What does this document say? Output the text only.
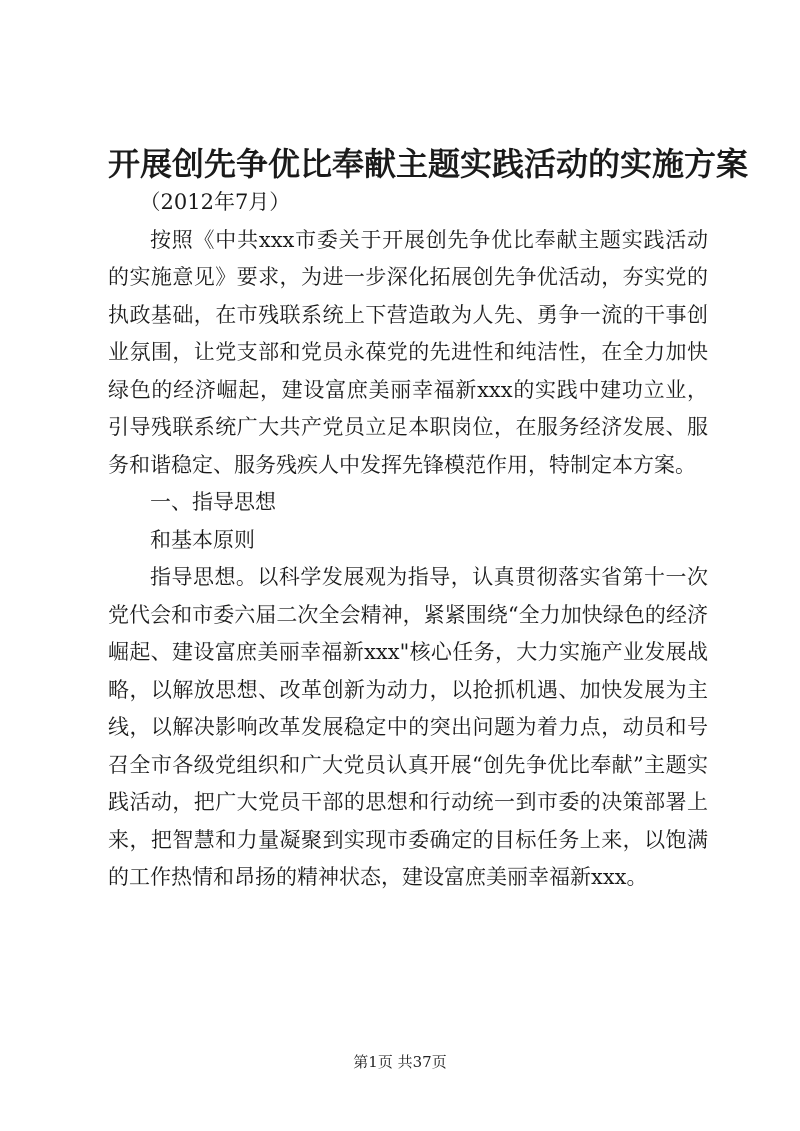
开展创先争优比奉献主题实践活动的实施方案

（2012年7月）

按照《中共xxx市委关于开展创先争优比奉献主题实践活动的实施意见》要求，为进一步深化拓展创先争优活动，夯实党的执政基础，在市残联系统上下营造敢为人先、勇争一流的干事创业氛围，让党支部和党员永葆党的先进性和纯洁性，在全力加快绿色的经济崛起，建设富庶美丽幸福新xxx的实践中建功立业，引导残联系统广大共产党员立足本职岗位，在服务经济发展、服务和谐稳定、服务残疾人中发挥先锋模范作用，特制定本方案。

一、指导思想

和基本原则

指导思想。以科学发展观为指导，认真贯彻落实省第十一次党代会和市委六届二次全会精神，紧紧围绕“全力加快绿色的经济崛起、建设富庶美丽幸福新xxx"核心任务，大力实施产业发展战略，以解放思想、改革创新为动力，以抢抓机遇、加快发展为主线，以解决影响改革发展稳定中的突出问题为着力点，动员和号召全市各级党组织和广大党员认真开展“创先争优比奉献”主题实践活动，把广大党员干部的思想和行动统一到市委的决策部署上来，把智慧和力量凝聚到实现市委确定的目标任务上来，以饱满的工作热情和昂扬的精神状态，建设富庶美丽幸福新xxx。

第1页 共37页
